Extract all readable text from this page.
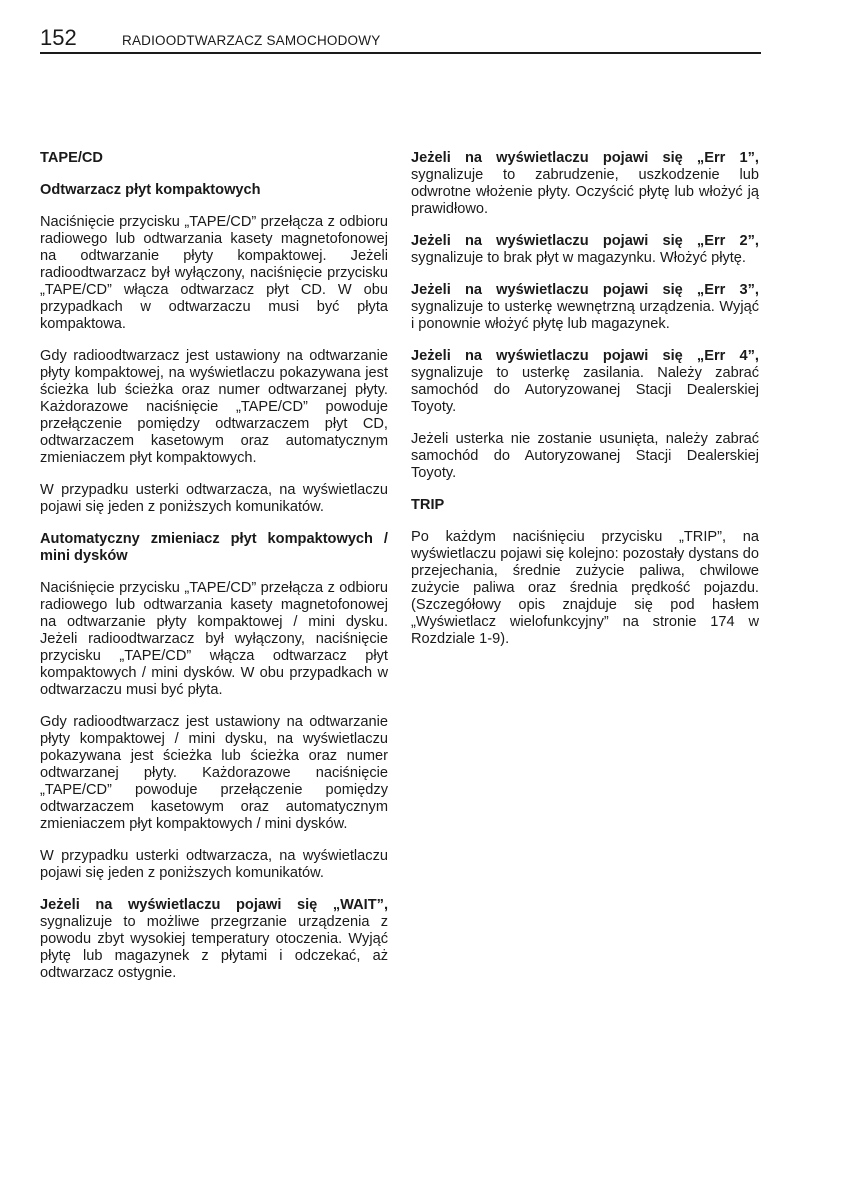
152	RADIOODTWARZACZ SAMOCHODOWY
TAPE/CD
Odtwarzacz płyt kompaktowych

Naciśnięcie przycisku „TAPE/CD” przełącza z odbioru radiowego lub odtwarzania kasety magnetofonowej na odtwarzanie płyty kompaktowej. Jeżeli radioodtwarzacz był wyłączony, naciśnięcie przycisku „TAPE/CD” włącza odtwarzacz płyt CD. W obu przypadkach w odtwarzaczu musi być płyta kompaktowa.

Gdy radioodtwarzacz jest ustawiony na odtwarzanie płyty kompaktowej, na wyświetlaczu pokazywana jest ścieżka lub ścieżka oraz numer odtwarzanej płyty. Każdorazowe naciśnięcie „TAPE/CD” powoduje przełączenie pomiędzy odtwarzaczem płyt CD, odtwarzaczem kasetowym oraz automatycznym zmieniaczem płyt kompaktowych.

W przypadku usterki odtwarzacza, na wyświetlaczu pojawi się jeden z poniższych komunikatów.

Automatyczny zmieniacz płyt kompaktowych / mini dysków

Naciśnięcie przycisku „TAPE/CD” przełącza z odbioru radiowego lub odtwarzania kasety magnetofonowej na odtwarzanie płyty kompaktowej / mini dysku. Jeżeli radioodtwarzacz był wyłączony, naciśnięcie przycisku „TAPE/CD” włącza odtwarzacz płyt kompaktowych / mini dysków. W obu przypadkach w odtwarzaczu musi być płyta.

Gdy radioodtwarzacz jest ustawiony na odtwarzanie płyty kompaktowej / mini dysku, na wyświetlaczu pokazywana jest ścieżka lub ścieżka oraz numer odtwarzanej płyty. Każdorazowe naciśnięcie „TAPE/CD” powoduje przełączenie pomiędzy odtwarzaczem kasetowym oraz automatycznym zmieniaczem płyt kompaktowych / mini dysków.

W przypadku usterki odtwarzacza, na wyświetlaczu pojawi się jeden z poniższych komunikatów.

Jeżeli na wyświetlaczu pojawi się „WAIT”, sygnalizuje to możliwe przegrzanie urządzenia z powodu zbyt wysokiej temperatury otoczenia. Wyjąć płytę lub magazynek z płytami i odczekać, aż odtwarzacz ostygnie.

Jeżeli na wyświetlaczu pojawi się „Err 1”, sygnalizuje to zabrudzenie, uszkodzenie lub odwrotne włożenie płyty. Oczyścić płytę lub włożyć ją prawidłowo.

Jeżeli na wyświetlaczu pojawi się „Err 2”, sygnalizuje to brak płyt w magazynku. Włożyć płytę.

Jeżeli na wyświetlaczu pojawi się „Err 3”, sygnalizuje to usterkę wewnętrzną urządzenia. Wyjąć i ponownie włożyć płytę lub magazynek.

Jeżeli na wyświetlaczu pojawi się „Err 4”, sygnalizuje to usterkę zasilania. Należy zabrać samochód do Autoryzowanej Stacji Dealerskiej Toyoty.

Jeżeli usterka nie zostanie usunięta, należy zabrać samochód do Autoryzowanej Stacji Dealerskiej Toyoty.

TRIP

Po każdym naciśnięciu przycisku „TRIP”, na wyświetlaczu pojawi się kolejno: pozostały dystans do przejechania, średnie zużycie paliwa, chwilowe zużycie paliwa oraz średnia prędkość pojazdu. (Szczegółowy opis znajduje się pod hasłem „Wyświetlacz wielofunkcyjny” na stronie 174 w Rozdziale 1-9).
